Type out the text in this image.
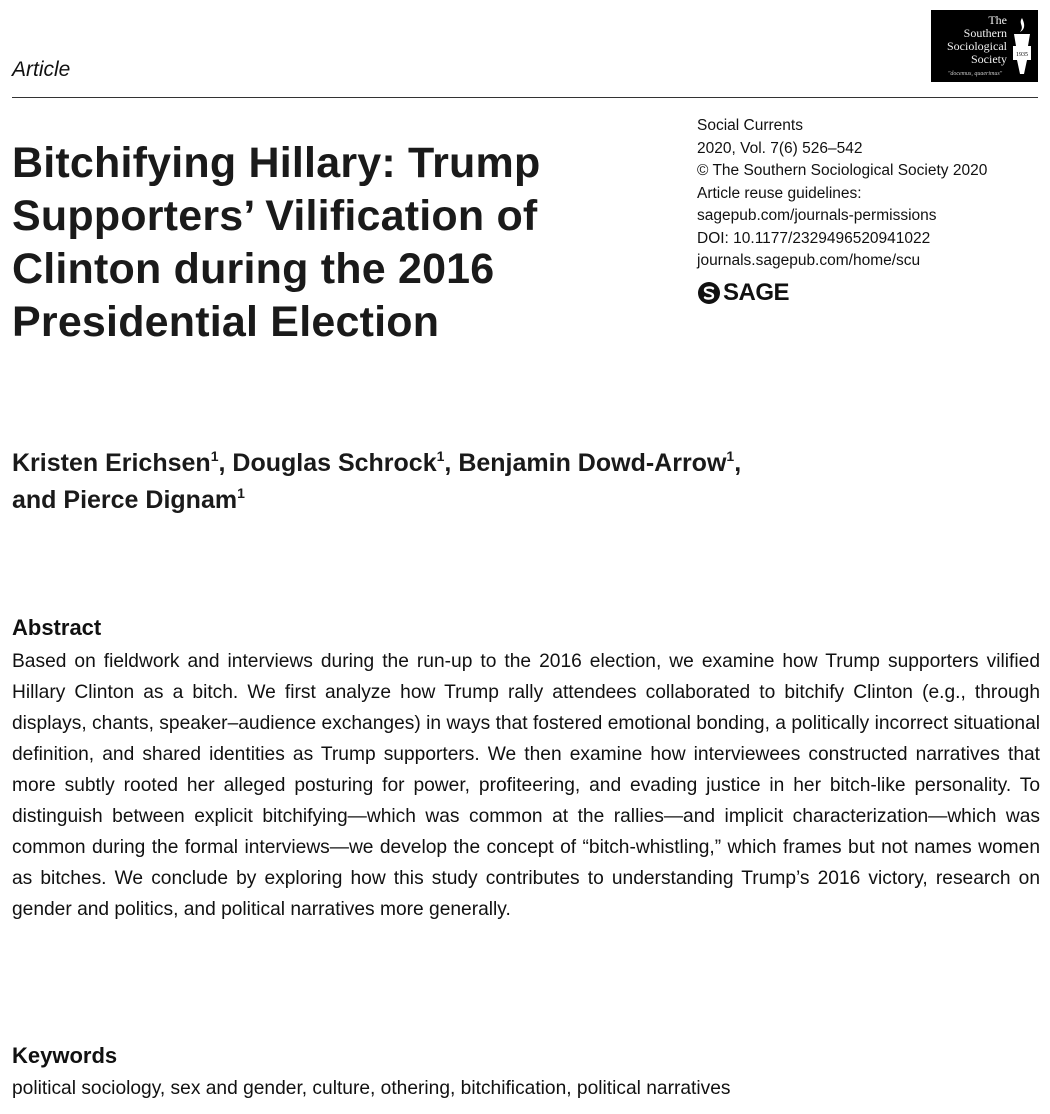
Article
The
Southern
Sociological
Society 1935
"docemus, quaerimus"
Bitchifying Hillary: Trump Supporters’ Vilification of Clinton during the 2016 Presidential Election
Social Currents
2020, Vol. 7(6) 526–542
© The Southern Sociological Society 2020
Article reuse guidelines:
sagepub.com/journals-permissions
DOI: 10.1177/2329496520941022
journals.sagepub.com/home/scu
SAGE
Kristen Erichsen$^1$, Douglas Schrock$^1$, Benjamin Dowd-Arrow$^1$,
and Pierce Dignam$^1$
Abstract
Based on fieldwork and interviews during the run-up to the 2016 election, we examine how Trump supporters vilified Hillary Clinton as a bitch. We first analyze how Trump rally attendees collaborated to bitchify Clinton (e.g., through displays, chants, speaker–audience exchanges) in ways that fostered emotional bonding, a politically incorrect situational definition, and shared identities as Trump supporters. We then examine how interviewees constructed narratives that more subtly rooted her alleged posturing for power, profiteering, and evading justice in her bitch-like personality. To distinguish between explicit bitchifying—which was common at the rallies—and implicit characterization—which was common during the formal interviews—we develop the concept of “bitch-whistling,” which frames but not names women as bitches. We conclude by exploring how this study contributes to understanding Trump’s 2016 victory, research on gender and politics, and political narratives more generally.
Keywords
political sociology, sex and gender, culture, othering, bitchification, political narratives
